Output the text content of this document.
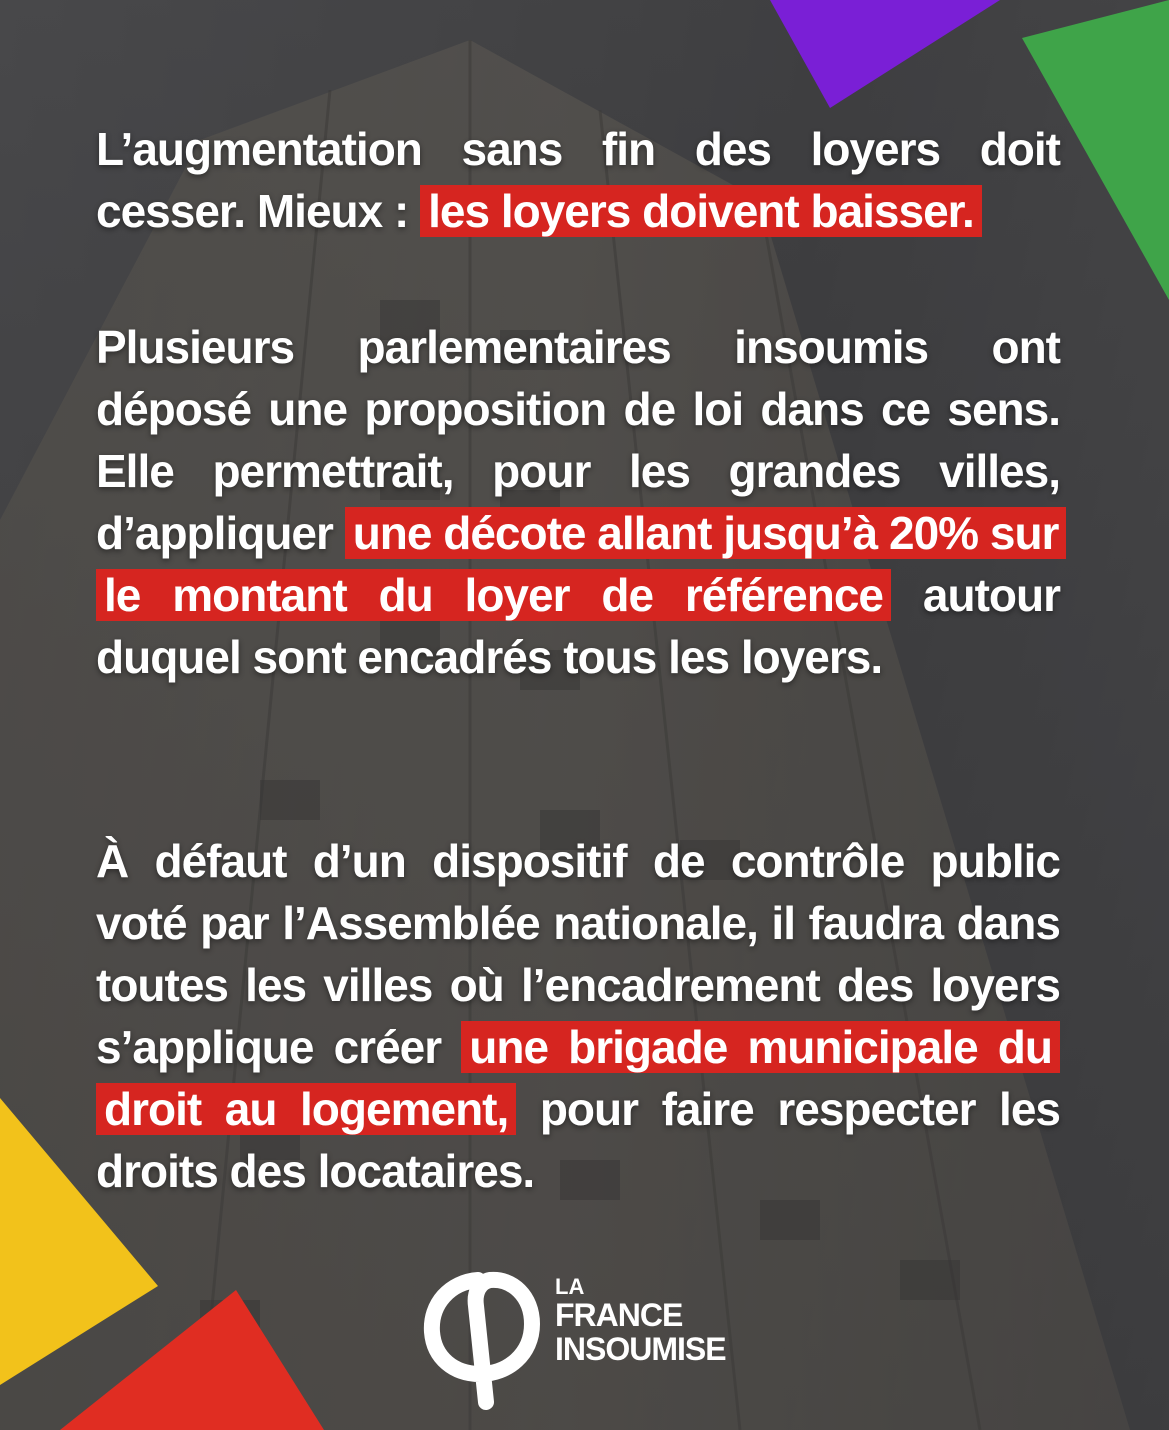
L’augmentation sans fin des loyers doit cesser. Mieux : les loyers doivent baisser.
Plusieurs parlementaires insoumis ont déposé une proposition de loi dans ce sens. Elle permettrait, pour les grandes villes, d’appliquer une décote allant jusqu’à 20% sur le montant du loyer de référence autour duquel sont encadrés tous les loyers.
À défaut d’un dispositif de contrôle public voté par l’Assemblée nationale, il faudra dans toutes les villes où l’encadrement des loyers s’applique créer une brigade municipale du droit au logement, pour faire respecter les droits des locataires.
LA
FRANCE
INSOUMISE
